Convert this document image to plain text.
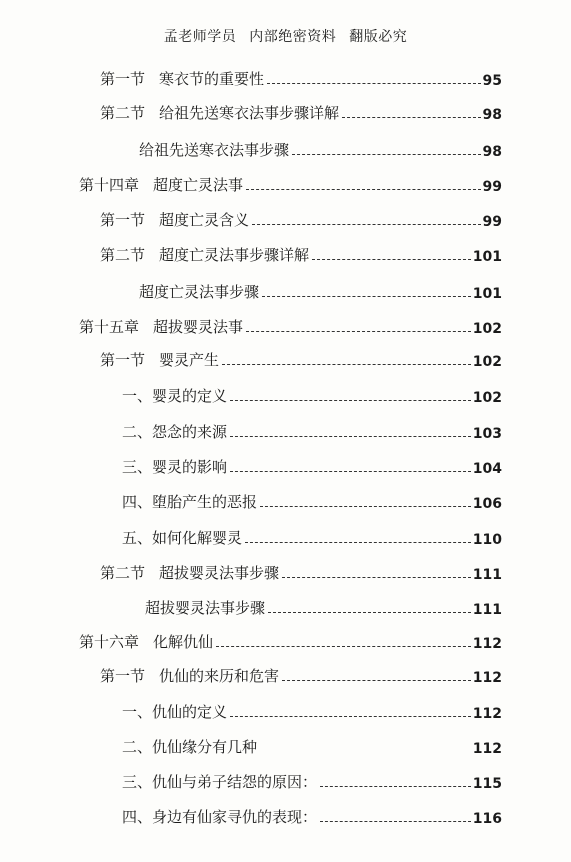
孟老师学员 内部绝密资料 翻版必究
第一节 寒衣节的重要性	95
第二节 给祖先送寒衣法事步骤详解	98
给祖先送寒衣法事步骤	98
第十四章 超度亡灵法事	99
第一节 超度亡灵含义	99
第二节 超度亡灵法事步骤详解	101
超度亡灵法事步骤	101
第十五章 超拔婴灵法事	102
第一节 婴灵产生	102
一、 婴灵的定义	102
二、 怨念的来源	103
三、 婴灵的影响	104
四、 堕胎产生的恶报	106
五、 如何化解婴灵	110
第二节 超拔婴灵法事步骤	111
超拔婴灵法事步骤	111
第十六章 化解仇仙	112
第一节 仇仙的来历和危害	112
一、 仇仙的定义	112
二、 仇仙缘分有几种	112
三、 仇仙与弟子结怨的原因：	115
四、 身边有仙家寻仇的表现：	116
